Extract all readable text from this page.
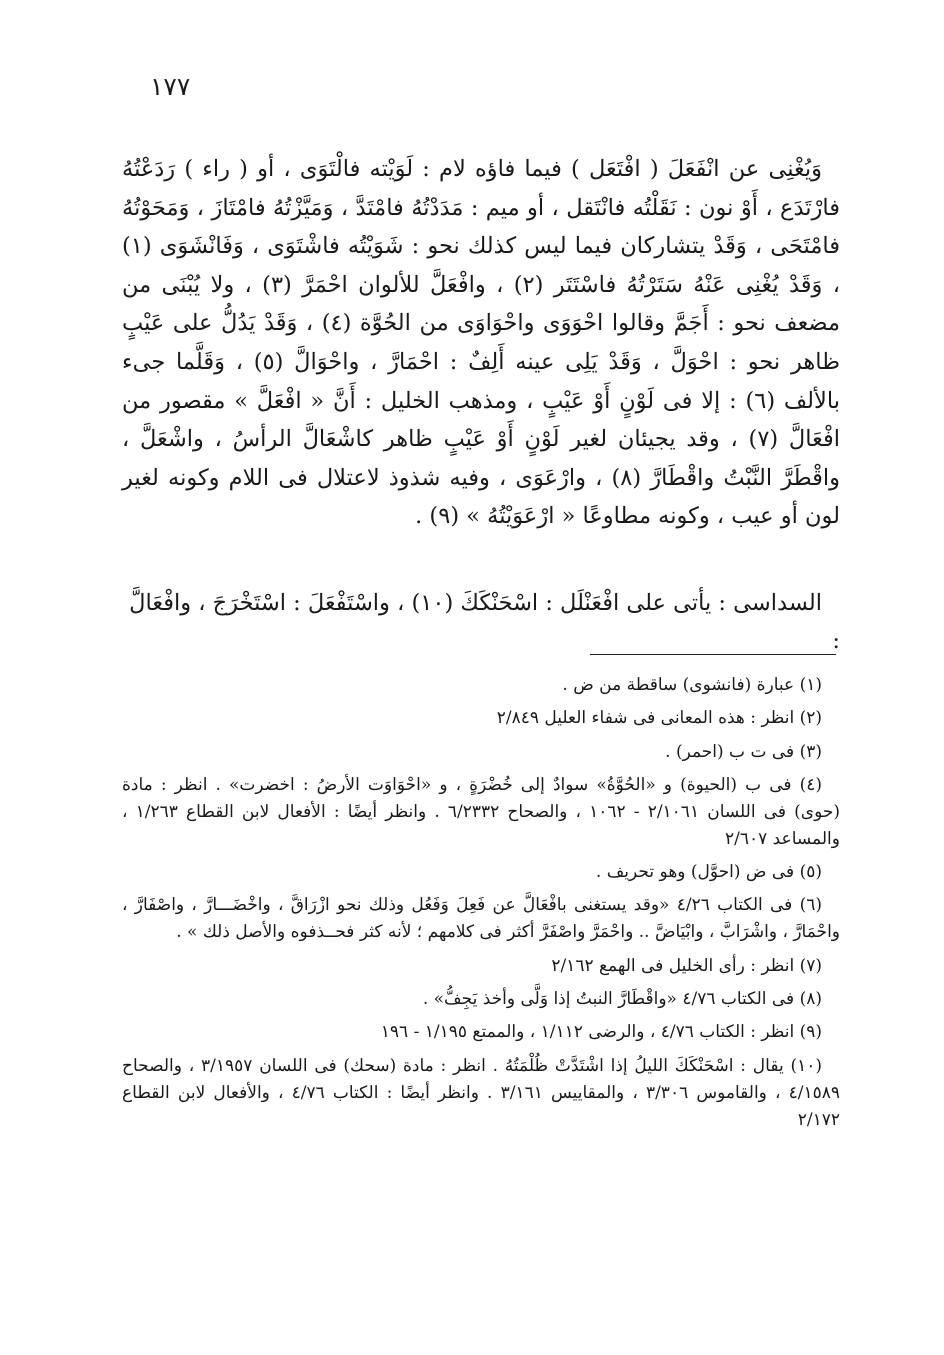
١٧٧

وَيُغْنِى عن انْفَعَلَ ( افْتَعَل ) فيما فاؤه لام : لَوَيْته فالْتَوَى ، أو ( راء ) رَدَعْتُهُ فارْتَدَع ، أَوْ نون : نَقَلْتُه فانْتَقل ، أو ميم : مَدَدْتُهُ فامْتَدَّ ، وَمَيَّزْتُهُ فامْتَازَ ، وَمَحَوْتُهُ فامْتَحَى ، وَقَدْ يتشاركان فيما ليس كذلك نحو : شَوَيْتُه فاشْتَوَى ، وَفَانْشَوَى (١) ، وَقَدْ يُغْنِى عَنْهُ سَتَرْتُهُ فاسْتَتَر (٢) ، وافْعَلَّ للألوان احْمَرَّ (٣) ، ولا يُبْنَى من مضعف نحو : أَجَمَّ وقالوا احْوَوَى واحْوَاوَى من الحُوَّة (٤) ، وَقَدْ يَدُلُّ على عَيْبٍ ظاهر نحو : احْوَلَّ ، وَقَدْ يَلِى عينه أَلِفٌ : احْمَارَّ ، واحْوَالَّ (٥) ، وَقَلَّما جىء بالألف (٦) : إلا فى لَوْنٍ أَوْ عَيْبٍ ، ومذهب الخليل : أَنَّ « افْعَلَّ » مقصور من افْعَالَّ (٧) ، وقد يجيئان لغير لَوْنٍ أَوْ عَيْبٍ ظاهر كاشْعَالَّ الرأسُ ، واشْعَلَّ ، واقْطَرَّ النَّبْتُ واقْطَارَّ (٨) ، وارْعَوَى ، وفيه شذوذ لاعتلال فى اللام وكونه لغير لون أو عيب ، وكونه مطاوعًا « ارْعَوَيْتُهُ » (٩) .

السداسى : يأتى على افْعَنْلَل : اسْحَنْكَكَ (١٠) ، واسْتَفْعَلَ : اسْتَخْرَجَ ، وافْعَالَّ :

(١) عبارة (فانشوى) ساقطة من ض .
(٢) انظر : هذه المعانى فى شفاء العليل ٢/٨٤٩
(٣) فى ت ب (احمر) .
(٤) فى ب (الحيوة) و «الحُوَّةُ» سوادٌ إلى خُضْرَةٍ ، و «احْوَاوَت الأرضُ : اخضرت» . انظر : مادة (حوى) فى اللسان ٢/١٠٦١ - ١٠٦٢ ، والصحاح ٦/٢٣٣٢ . وانظر أيضًا : الأفعال لابن القطاع ١/٢٦٣ ، والمساعد ٢/٦٠٧
(٥) فى ض (احوَّل) وهو تحريف .
(٦) فى الكتاب ٤/٢٦ «وقد يستغنى بافْعَالَّ عن فَعِلَ وَفَعُل وذلك نحو ازْرَاقَّ ، واخْضَـــارَّ ، واصْفَارَّ ، واحْمَارَّ ، واشْرَابَّ ، وابْيَاضَّ .. واحْمَرَّ واصْفَرَّ أكثر فى كلامهم ؛ لأنه كثر فحــذفوه والأصل ذلك » .
(٧) انظر : رأى الخليل فى الهمع ٢/١٦٢
(٨) فى الكتاب ٤/٧٦ «واقْطَارَّ النبتُ إذا وَلَّى وأخذ يَجِفُّ» .
(٩) انظر : الكتاب ٤/٧٦ ، والرضى ١/١١٢ ، والممتع ١/١٩٥ - ١٩٦
(١٠) يقال : اسْحَنْكَكَ الليلُ إذا اشْتَدَّتْ ظُلْمَتُهُ . انظر : مادة (سحك) فى اللسان ٣/١٩٥٧ ، والصحاح ٤/١٥٨٩ ، والقاموس ٣/٣٠٦ ، والمقاييس ٣/١٦١ . وانظر أيضًا : الكتاب ٤/٧٦ ، والأفعال لابن القطاع ٢/١٧٢
